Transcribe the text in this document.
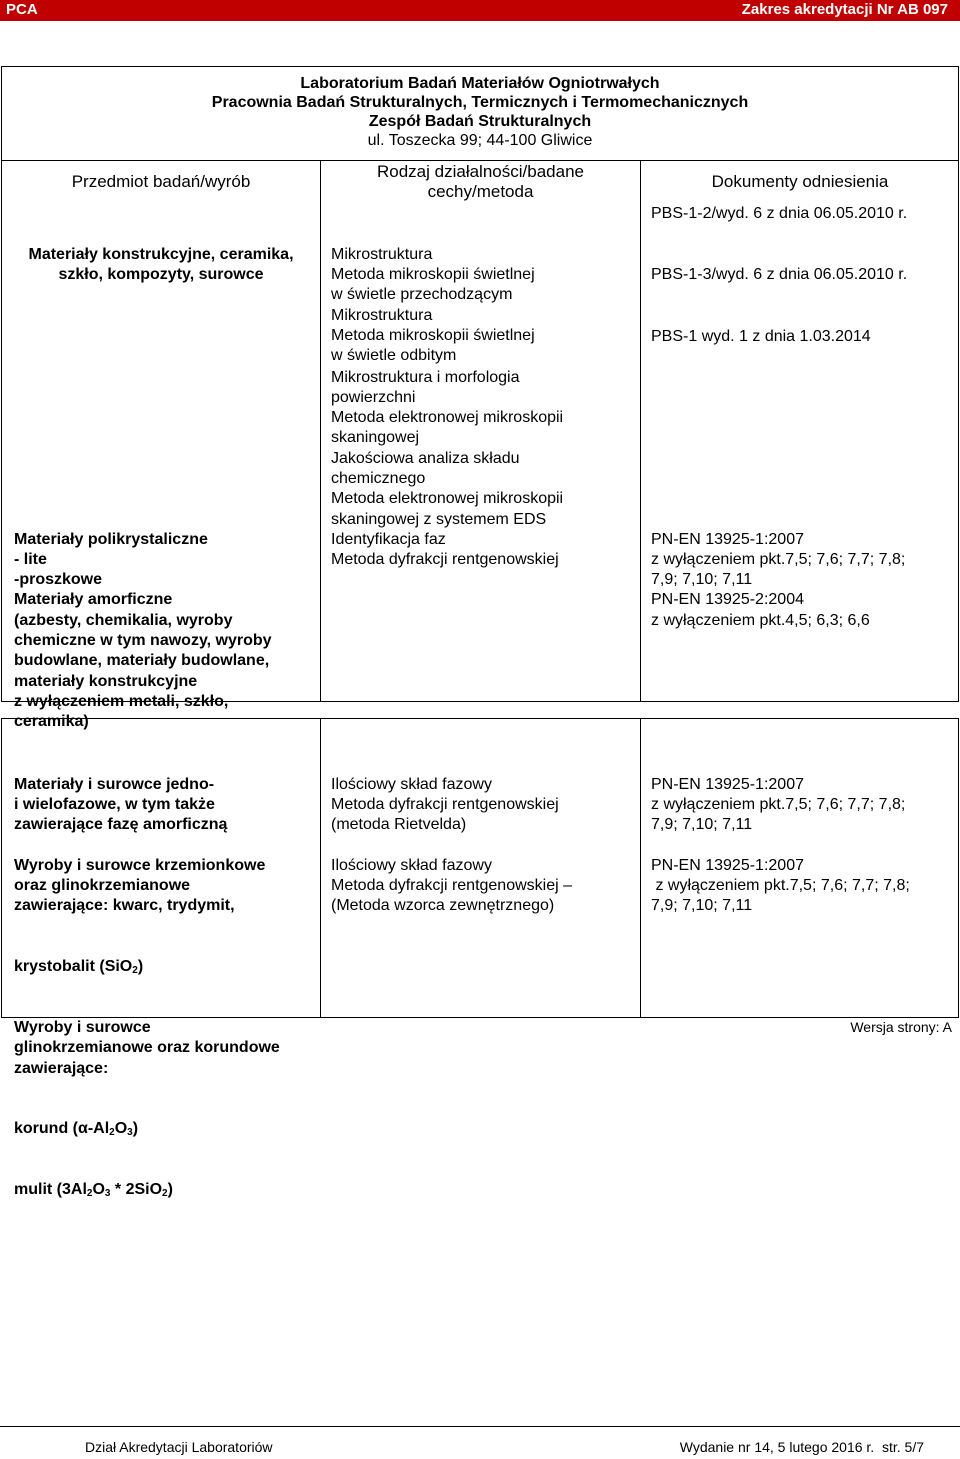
PCA	Zakres akredytacji Nr AB 097
Laboratorium Badań Materiałów Ogniotrwałych
Pracownia Badań Strukturalnych, Termicznych i Termomechanicznych
Zespół Badań Strukturalnych
ul. Toszecka 99; 44-100 Gliwice
Przedmiot badań/wyrób
Rodzaj działalności/badane
cechy/metoda
Dokumenty odniesienia

Materiały konstrukcyjne, ceramika,
szkło, kompozyty, surowce

Materiały polikrystaliczne
- lite
-proszkowe
Materiały amorficzne
(azbesty, chemikalia, wyroby
chemiczne w tym nawozy, wyroby
budowlane, materiały budowlane,
materiały konstrukcyjne
z wyłączeniem metali, szkło,
ceramika)

Mikrostruktura
Metoda mikroskopii świetlnej
w świetle przechodzącym

Mikrostruktura
Metoda mikroskopii świetlnej
w świetle odbitym

Mikrostruktura i morfologia
powierzchni
Metoda elektronowej mikroskopii
skaningowej
Jakościowa analiza składu
chemicznego
Metoda elektronowej mikroskopii
skaningowej z systemem EDS

Identyfikacja faz
Metoda dyfrakcji rentgenowskiej

PBS-1-2/wyd. 6 z dnia 06.05.2010 r.
PBS-1-3/wyd. 6 z dnia 06.05.2010 r.
PBS-1 wyd. 1 z dnia 1.03.2014

PN-EN 13925-1:2007
z wyłączeniem pkt.7,5; 7,6; 7,7; 7,8;
7,9; 7,10; 7,11
PN-EN 13925-2:2004
z wyłączeniem pkt.4,5; 6,3; 6,6

Materiały i surowce jedno-
i wielofazowe, w tym także
zawierające fazę amorficzną

Wyroby i surowce krzemionkowe
oraz glinokrzemianowe
zawierające: kwarc, trydymit,

krystobalit (SiO$_2$)

Wyroby i surowce
glinokrzemianowe oraz korundowe
zawierające:

korund $(\alpha-Al_2O_3)$

mulit $(3Al_2O_3 * 2SiO_2)$

Ilościowy skład fazowy
Metoda dyfrakcji rentgenowskiej
(metoda Rietvelda)

Ilościowy skład fazowy
Metoda dyfrakcji rentgenowskiej –
(Metoda wzorca zewnętrznego)

PN-EN 13925-1:2007
z wyłączeniem pkt.7,5; 7,6; 7,7; 7,8;
7,9; 7,10; 7,11

PN-EN 13925-1:2007
z wyłączeniem pkt.7,5; 7,6; 7,7; 7,8;
7,9; 7,10; 7,11

Wersja strony: A
Dział Akredytacji Laboratoriów	Wydanie nr 14, 5 lutego 2016 r.  str. 5/7
